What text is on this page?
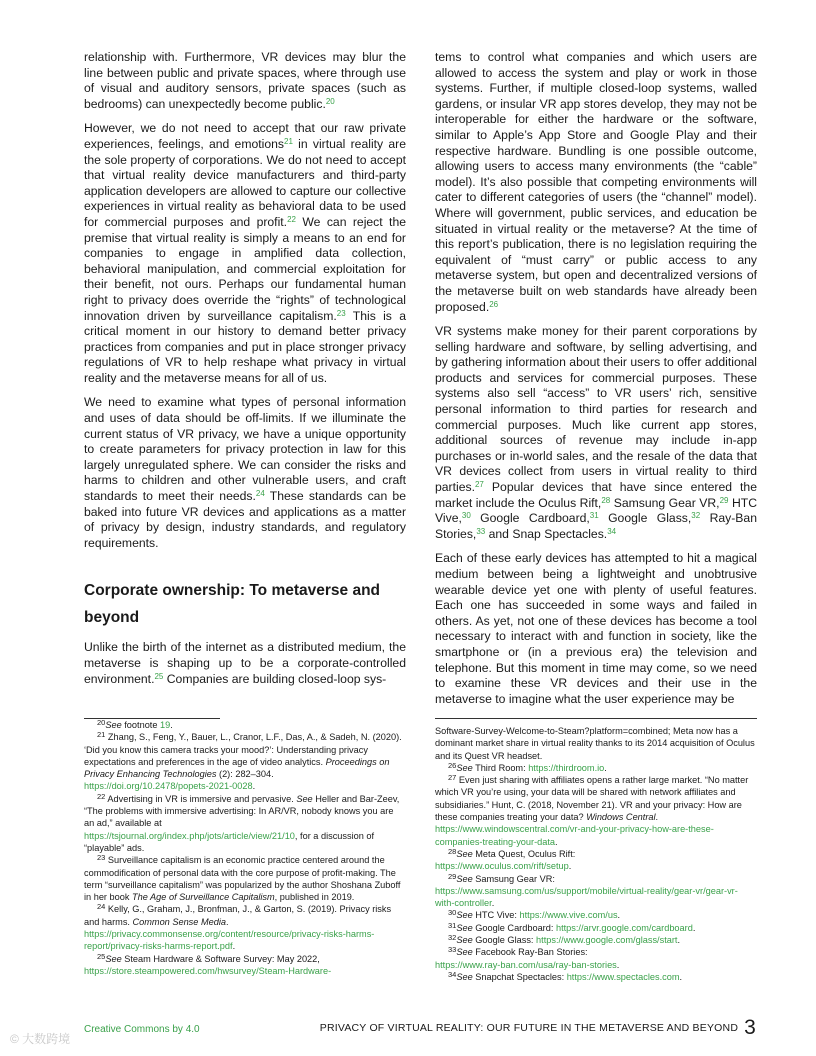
relationship with. Furthermore, VR devices may blur the line between public and private spaces, where through use of visual and auditory sensors, private spaces (such as bedrooms) can unexpectedly become public.$^{20}$

However, we do not need to accept that our raw private experiences, feelings, and emotions$^{21}$ in virtual reality are the sole property of corporations. We do not need to accept that virtual reality device manufacturers and third-party application developers are allowed to capture our collective experiences in virtual reality as behavioral data to be used for commercial purposes and profit.$^{22}$ We can reject the premise that virtual reality is simply a means to an end for companies to engage in amplified data collection, behavioral manipulation, and commercial exploitation for their benefit, not ours. Perhaps our fundamental human right to privacy does override the “rights” of technological innovation driven by surveillance capitalism.$^{23}$ This is a critical moment in our history to demand better privacy practices from companies and put in place stronger privacy regulations of VR to help reshape what privacy in virtual reality and the metaverse means for all of us.

We need to examine what types of personal information and uses of data should be off-limits. If we illuminate the current status of VR privacy, we have a unique opportunity to create parameters for privacy protection in law for this largely unregulated sphere. We can consider the risks and harms to children and other vulnerable users, and craft standards to meet their needs.$^{24}$ These standards can be baked into future VR devices and applications as a matter of privacy by design, industry standards, and regulatory requirements.

Corporate ownership: To metaverse and beyond

Unlike the birth of the internet as a distributed medium, the metaverse is shaping up to be a corporate-controlled environment.$^{25}$ Companies are building closed-loop sys-

tems to control what companies and which users are allowed to access the system and play or work in those systems. Further, if multiple closed-loop systems, walled gardens, or insular VR app stores develop, they may not be interoperable for either the hardware or the software, similar to Apple’s App Store and Google Play and their respective hardware. Bundling is one possible outcome, allowing users to access many environments (the “cable” model). It’s also possible that competing environments will cater to different categories of users (the “channel” model). Where will government, public services, and education be situated in virtual reality or the metaverse? At the time of this report’s publication, there is no legislation requiring the equivalent of “must carry” or public access to any metaverse system, but open and decentralized versions of the metaverse built on web standards have already been proposed.$^{26}$

VR systems make money for their parent corporations by selling hardware and software, by selling advertising, and by gathering information about their users to offer additional products and services for commercial purposes. These systems also sell “access” to VR users’ rich, sensitive personal information to third parties for research and commercial purposes. Much like current app stores, additional sources of revenue may include in-app purchases or in-world sales, and the resale of the data that VR devices collect from users in virtual reality to third parties.$^{27}$ Popular devices that have since entered the market include the Oculus Rift,$^{28}$ Samsung Gear VR,$^{29}$ HTC Vive,$^{30}$ Google Cardboard,$^{31}$ Google Glass,$^{32}$ Ray-Ban Stories,$^{33}$ and Snap Spectacles.$^{34}$

Each of these early devices has attempted to hit a magical medium between being a lightweight and unobtrusive wearable device yet one with plenty of useful features. Each one has succeeded in some ways and failed in others. As yet, not one of these devices has become a tool necessary to interact with and function in society, like the smartphone or (in a previous era) the television and telephone. But this moment in time may come, so we need to examine these VR devices and their use in the metaverse to imagine what the user experience may be

$^{20}$See footnote 19.

$^{21}$ Zhang, S., Feng, Y., Bauer, L., Cranor, L.F., Das, A., & Sadeh, N. (2020). ‘Did you know this camera tracks your mood?’: Understanding privacy expectations and preferences in the age of video analytics. Proceedings on Privacy Enhancing Technologies (2): 282–304.
https://doi.org/10.2478/popets-2021-0028.

$^{22}$ Advertising in VR is immersive and pervasive. See Heller and Bar-Zeev, “The problems with immersive advertising: In AR/VR, nobody knows you are an ad,” available at
https://tsjournal.org/index.php/jots/article/view/21/10, for a discussion of “playable” ads.

$^{23}$ Surveillance capitalism is an economic practice centered around the commodification of personal data with the core purpose of profit-making. The term “surveillance capitalism” was popularized by the author Shoshana Zuboff in her book The Age of Surveillance Capitalism, published in 2019.

$^{24}$ Kelly, G., Graham, J., Bronfman, J., & Garton, S. (2019). Privacy risks and harms. Common Sense Media.
https://privacy.commonsense.org/content/resource/privacy-risks-harms-report/privacy-risks-harms-report.pdf.

$^{25}$See Steam Hardware & Software Survey: May 2022,
https://store.steampowered.com/hwsurvey/Steam-Hardware-

Software-Survey-Welcome-to-Steam?platform=combined; Meta now has a dominant market share in virtual reality thanks to its 2014 acquisition of Oculus and its Quest VR headset.

$^{26}$See Third Room: https://thirdroom.io.

$^{27}$ Even just sharing with affiliates opens a rather large market. “No matter which VR you’re using, your data will be shared with network affiliates and subsidiaries.” Hunt, C. (2018, November 21). VR and your privacy: How are these companies treating your data? Windows Central. https://www.windowscentral.com/vr-and-your-privacy-how-are-these-companies-treating-your-data.

$^{28}$See Meta Quest, Oculus Rift:
https://www.oculus.com/rift/setup.

$^{29}$See Samsung Gear VR:
https://www.samsung.com/us/support/mobile/virtual-reality/gear-vr/gear-vr-with-controller.

$^{30}$See HTC Vive: https://www.vive.com/us.

$^{31}$See Google Cardboard: https://arvr.google.com/cardboard.

$^{32}$See Google Glass: https://www.google.com/glass/start.

$^{33}$See Facebook Ray-Ban Stories:
https://www.ray-ban.com/usa/ray-ban-stories.

$^{34}$See Snapchat Spectacles: https://www.spectacles.com.

Creative Commons by 4.0	PRIVACY OF VIRTUAL REALITY: OUR FUTURE IN THE METAVERSE AND BEYOND 3
© 大数跨境
